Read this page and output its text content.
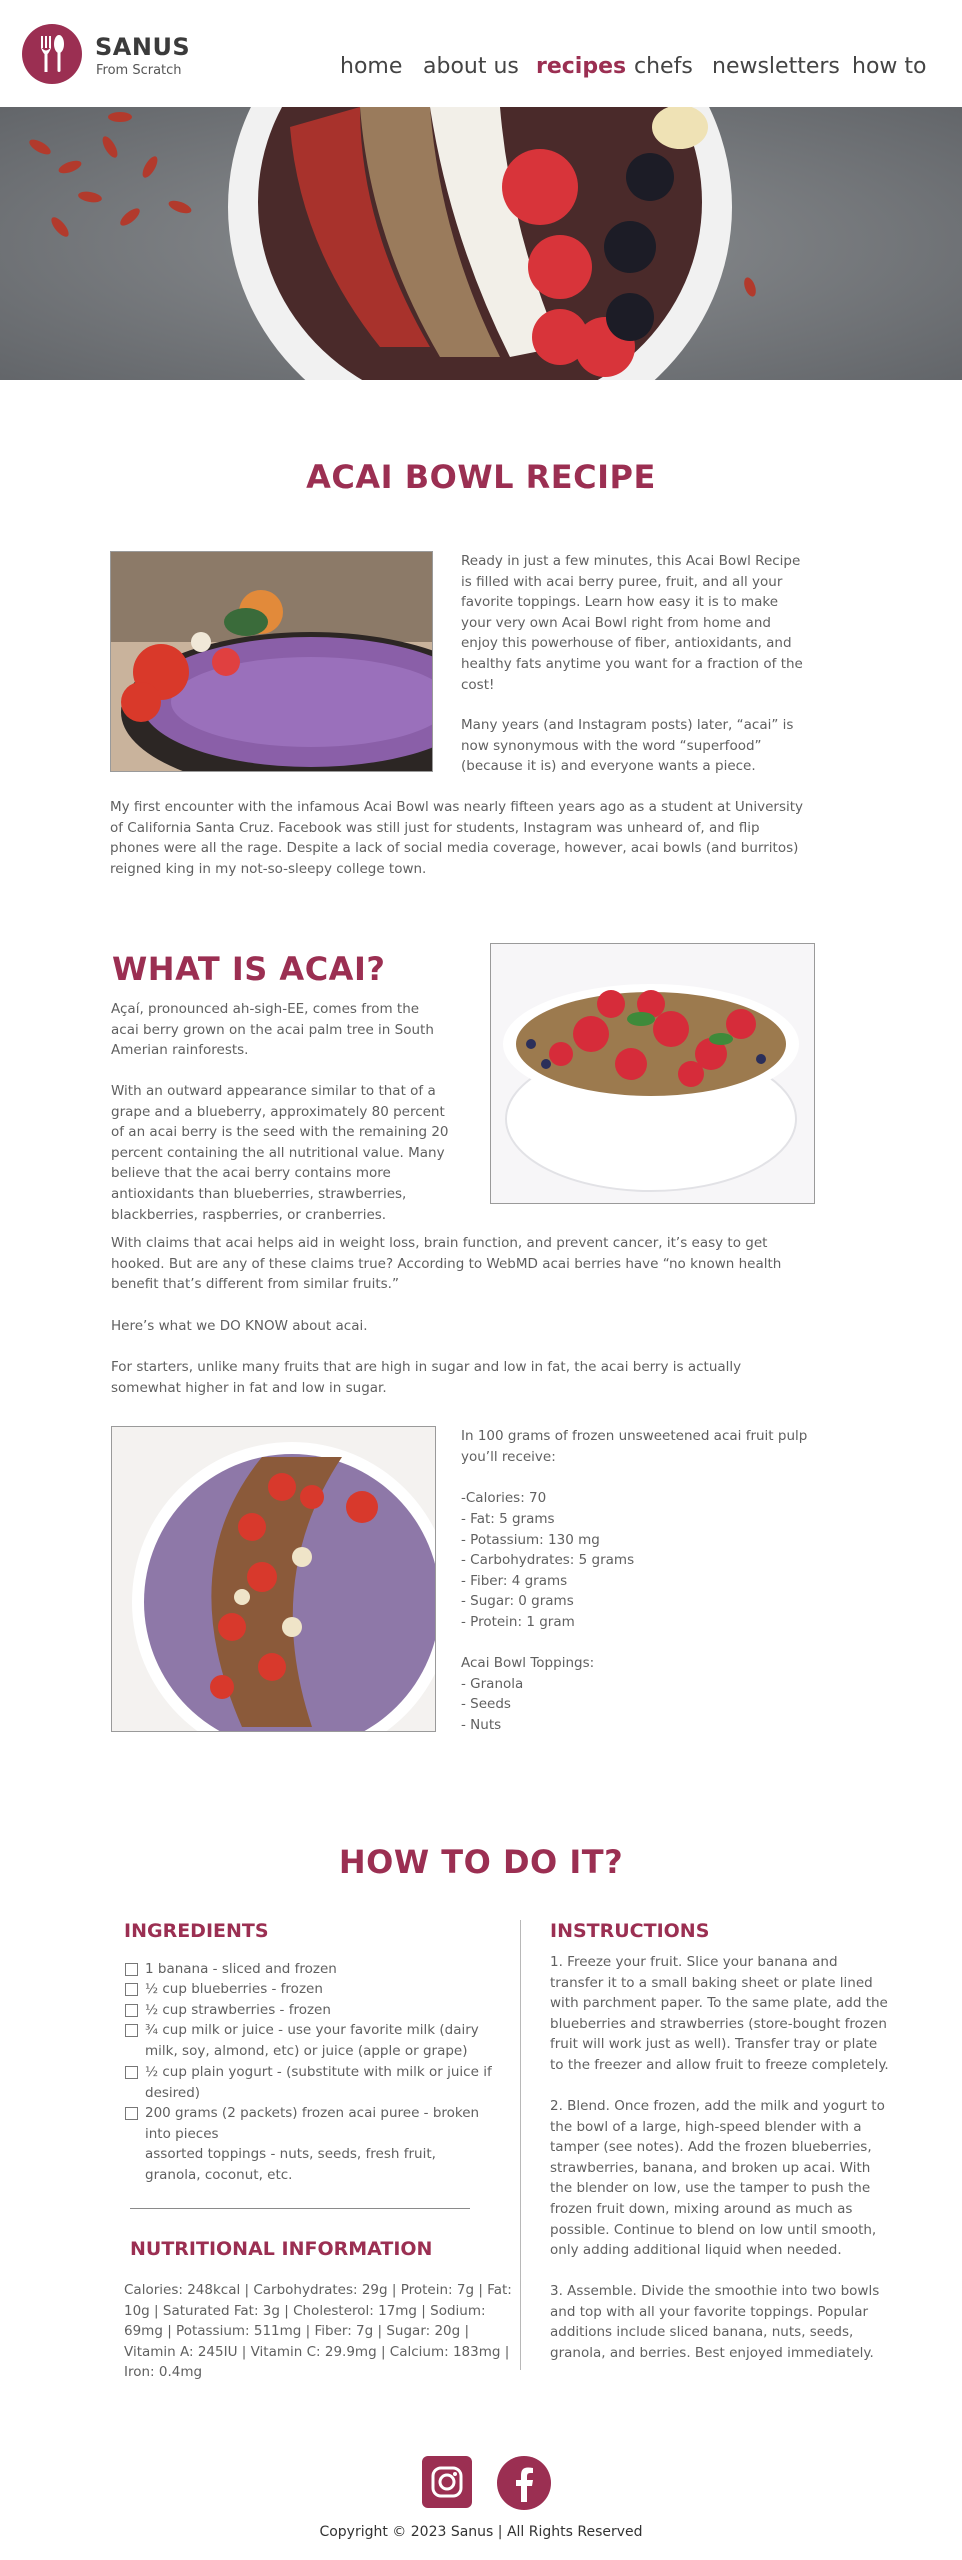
SANUS
From Scratch	home about us recipes chefs newsletters how to
ACAI BOWL RECIPE
Ready in just a few minutes, this Acai Bowl Recipe is filled with acai berry puree, fruit, and all your favorite toppings. Learn how easy it is to make your very own Acai Bowl right from home and enjoy this powerhouse of fiber, antioxidants, and healthy fats anytime you want for a fraction of the cost!
Many years (and Instagram posts) later, “acai” is now synonymous with the word “superfood” (because it is) and everyone wants a piece.
My first encounter with the infamous Acai Bowl was nearly fifteen years ago as a student at University of California Santa Cruz. Facebook was still just for students, Instagram was unheard of, and flip phones were all the rage. Despite a lack of social media coverage, however, acai bowls (and burritos) reigned king in my not-so-sleepy college town.
WHAT IS ACAI?
Açaí, pronounced ah-sigh-EE, comes from the acai berry grown on the acai palm tree in South Amerian rainforests.
With an outward appearance similar to that of a grape and a blueberry, approximately 80 percent of an acai berry is the seed with the remaining 20 percent containing the all nutritional value. Many believe that the acai berry contains more antioxidants than blueberries, strawberries, blackberries, raspberries, or cranberries.
With claims that acai helps aid in weight loss, brain function, and prevent cancer, it’s easy to get hooked. But are any of these claims true? According to WebMD acai berries have “no known health benefit that’s different from similar fruits.”
Here’s what we DO KNOW about acai.
For starters, unlike many fruits that are high in sugar and low in fat, the acai berry is actually somewhat higher in fat and low in sugar.
In 100 grams of frozen unsweetened acai fruit pulp you’ll receive:
-Calories: 70
- Fat: 5 grams
- Potassium: 130 mg
- Carbohydrates: 5 grams
- Fiber: 4 grams
- Sugar: 0 grams
- Protein: 1 gram
Acai Bowl Toppings:
- Granola
- Seeds
- Nuts
HOW TO DO IT?
INGREDIENTS
1 banana - sliced and frozen
½ cup blueberries - frozen
½ cup strawberries - frozen
¾ cup milk or juice - use your favorite milk (dairy milk, soy, almond, etc) or juice (apple or grape)
½ cup plain yogurt - (substitute with milk or juice if desired)
200 grams (2 packets) frozen acai puree - broken into pieces
assorted toppings - nuts, seeds, fresh fruit, granola, coconut, etc.
NUTRITIONAL INFORMATION
Calories: 248kcal | Carbohydrates: 29g | Protein: 7g | Fat: 10g | Saturated Fat: 3g | Cholesterol: 17mg | Sodium: 69mg | Potassium: 511mg | Fiber: 7g | Sugar: 20g | Vitamin A: 245IU | Vitamin C: 29.9mg | Calcium: 183mg | Iron: 0.4mg
INSTRUCTIONS
1. Freeze your fruit. Slice your banana and transfer it to a small baking sheet or plate lined with parchment paper. To the same plate, add the blueberries and strawberries (store-bought frozen fruit will work just as well). Transfer tray or plate to the freezer and allow fruit to freeze completely.
2. Blend. Once frozen, add the milk and yogurt to the bowl of a large, high-speed blender with a tamper (see notes). Add the frozen blueberries, strawberries, banana, and broken up acai. With the blender on low, use the tamper to push the frozen fruit down, mixing around as much as possible. Continue to blend on low until smooth, only adding additional liquid when needed.
3. Assemble. Divide the smoothie into two bowls and top with all your favorite toppings. Popular additions include sliced banana, nuts, seeds, granola, and berries. Best enjoyed immediately.
Copyright © 2023 Sanus | All Rights Reserved
